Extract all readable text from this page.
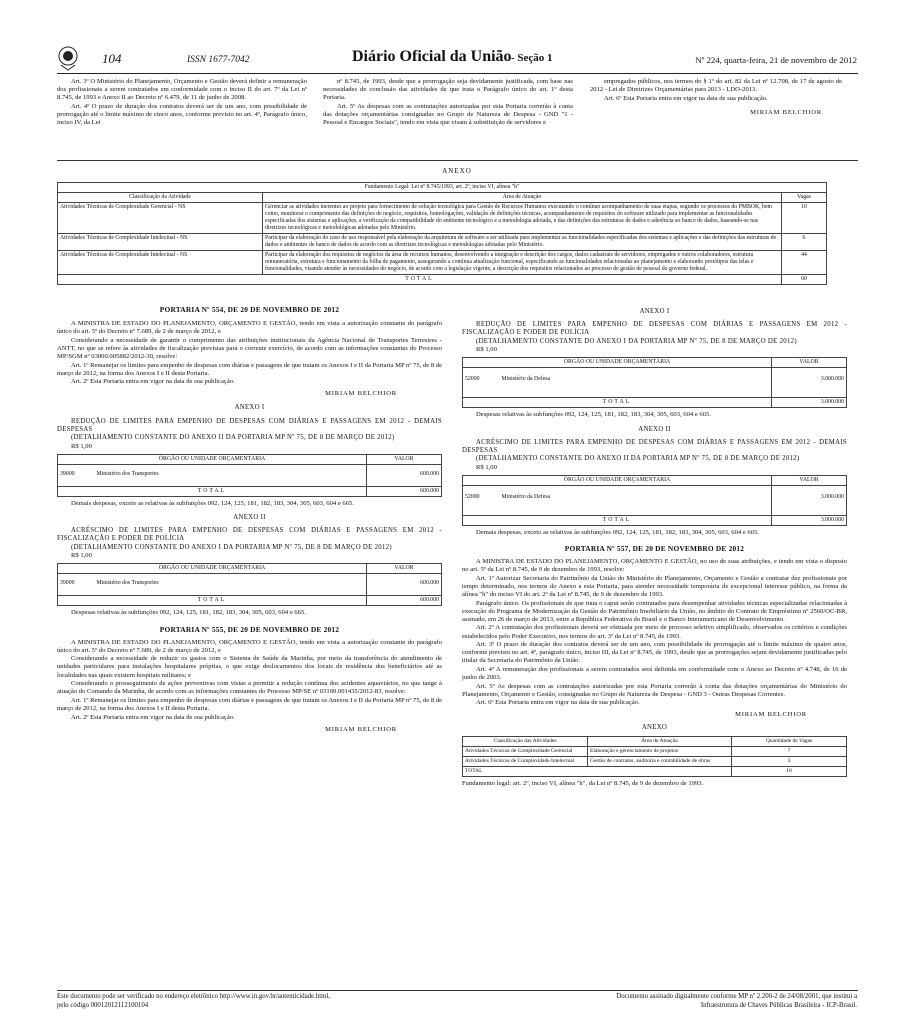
104	ISSN 1677-7042	Diário Oficial da União - Seção 1	Nº 224, quarta-feira, 21 de novembro de 2012

Art. 3º O Ministério do Planejamento, Orçamento e Gestão deverá definir a remuneração dos profissionais a serem contratados em conformidade com o inciso II do art. 7º da Lei nº 8.745, de 1993 e Anexo II ao Decreto nº 6.479, de 11 de junho de 2008.

Art. 4º O prazo de duração dos contratos deverá ser de um ano, com possibilidade de prorrogação até o limite máximo de cinco anos, conforme previsto no art. 4º, Parágrafo único, inciso IV, da Lei

nº 8.745, de 1993, desde que a prorrogação seja devidamente justificada, com base nas necessidades de conclusão das atividades de que trata o Parágrafo único do art. 1º desta Portaria.

Art. 5º As despesas com as contratações autorizadas por esta Portaria correrão à conta das dotações orçamentárias consignadas no Grupo de Natureza de Despesa - GND "1 - Pessoal e Encargos Sociais", tendo em vista que visam à substituição de servidores e

empregados públicos, nos termos do § 1º do art. 82 da Lei nº 12.708, de 17 de agosto de 2012 - Lei de Diretrizes Orçamentárias para 2013 - LDO-2013.

Art. 6º Esta Portaria entra em vigor na data de sua publicação.

MIRIAM BELCHIOR

ANEXO
Fundamento Legal: Lei nº 8.745/1993, art. 2º, inciso VI, alínea "h"		
Classificação da Atividade	Área de Atuação	Vagas
Atividades Técnicas de Complexidade Gerencial - NS	Gerenciar as atividades inerentes ao projeto para fornecimento de solução tecnológica para Gestão de Recursos Humanos executando o contínuo acompanhamento de suas etapas, segundo os processos do PMBOK, bem como, monitorar o cumprimento das definições de negócio, requisitos, homologações, validação de definições técnicas, acompanhamento de requisitos do software utilizado para implementar as funcionalidades especificadas dos sistemas e aplicações, a verificação da compatibilidade do ambiente tecnológico e a metodologia adotada, e das definições das estruturas de dados e aderência ao banco de dados, baseando-se nas diretrizes tecnológicas e metodológicas adotadas pelo Ministério.	10
Atividades Técnicas de Complexidade Intelectual - NS	Participar da elaboração do caso de uso responsável pela elaboração da arquitetura de software a ser utilizada para implementar as funcionalidades especificadas dos sistemas e aplicações e das definições das estruturas de dados e ambientes de banco de dados de acordo com as diretrizes tecnológicas e metodologias adotadas pelo Ministério.	6
Atividades Técnicas de Complexidade Intelectual - NS	Participar da elaboração dos requisitos de negócios da área de recursos humanos, desenvolvendo a integração e descrição dos cargos, dados cadastrais de servidores, empregados e outros colaboradores, estrutura remuneratória, estrutura e funcionamento da folha de pagamento, assegurando a contínua atualização funcional, especificando as funcionalidades relacionadas ao planejamento e elaborando protótipos das telas e funcionalidades, visando atender às necessidades do negócio, de acordo com a legislação vigente, a descrição dos requisitos relacionados ao processo de gestão de pessoal do governo federal.	44
TOTAL		60

PORTARIA Nº 554, DE 20 DE NOVEMBRO DE 2012

A MINISTRA DE ESTADO DO PLANEJAMENTO, ORÇAMENTO E GESTÃO, tendo em vista a autorização constante do parágrafo único do art. 5º do Decreto nº 7.689, de 2 de março de 2012, e

Considerando a necessidade de garantir o cumprimento das atribuições institucionais da Agência Nacional de Transportes Terrestres - ANTT, no que se refere às atividades de fiscalização previstas para o corrente exercício, de acordo com as informações constantes do Processo MP/SGM nº 03000.005882/2012-30, resolve:

Art. 1º Remanejar os limites para empenho de despesas com diárias e passagens de que tratam os Anexos I e II da Portaria MP nº 75, de 8 de março de 2012, na forma dos Anexos I e II desta Portaria.

Art. 2º Esta Portaria entra em vigor na data de sua publicação.

MIRIAM BELCHIOR

ANEXO I

REDUÇÃO DE LIMITES PARA EMPENHO DE DESPESAS COM DIÁRIAS E PASSAGENS EM 2012 - DEMAIS DESPESAS

(DETALHAMENTO CONSTANTE DO ANEXO II DA PORTARIA MP Nº 75, DE 8 DE MARÇO DE 2012)

R$ 1,00

ÓRGÃO OU UNIDADE ORÇAMENTÁRIA	VALOR
39000 Ministério dos Transportes	600.000
TOTAL	600.000

Demais despesas, exceto as relativas às subfunções 092, 124, 125, 181, 182, 183, 304, 305, 603, 604 e 665.

ANEXO II

ACRÉSCIMO DE LIMITES PARA EMPENHO DE DESPESAS COM DIÁRIAS E PASSAGENS EM 2012 - FISCALIZAÇÃO E PODER DE POLÍCIA

(DETALHAMENTO CONSTANTE DO ANEXO I DA PORTARIA MP Nº 75, DE 8 DE MARÇO DE 2012)

R$ 1,00

ÓRGÃO OU UNIDADE ORÇAMENTÁRIA	VALOR
39000 Ministério dos Transportes	600.000
TOTAL	600.000

Despesas relativas às subfunções 092, 124, 125, 181, 182, 183, 304, 305, 603, 604 e 665.

PORTARIA Nº 555, DE 20 DE NOVEMBRO DE 2012

A MINISTRA DE ESTADO DO PLANEJAMENTO, ORÇAMENTO E GESTÃO, tendo em vista a autorização constante do parágrafo único do art. 5º do Decreto nº 7.689, de 2 de março de 2012, e

Considerando a necessidade de reduzir os gastos com o Sistema de Saúde da Marinha, por meio da transferência do atendimento de unidades particulares para instalações hospitalares próprias, o que exige deslocamentos dos locais de residência dos beneficiários até as localidades nas quais existem hospitais militares; e

Considerando o prosseguimento de ações preventivas com vistas a permitir a redução contínua dos acidentes aquaviários, no que tange à atuação do Comando da Marinha, de acordo com as informações constantes do Processo MP/SE nº 03100.001435/2012-83, resolve:

Art. 1º Remanejar os limites para empenho de despesas com diárias e passagens de que tratam os Anexos I e II da Portaria MP nº 75, de 8 de março de 2012, na forma dos Anexos I e II desta Portaria.

Art. 2º Esta Portaria entra em vigor na data de sua publicação.

MIRIAM BELCHIOR

ANEXO I

REDUÇÃO DE LIMITES PARA EMPENHO DE DESPESAS COM DIÁRIAS E PASSAGENS EM 2012 - FISCALIZAÇÃO E PODER DE POLÍCIA

(DETALHAMENTO CONSTANTE DO ANEXO I DA PORTARIA MP Nº 75, DE 8 DE MARÇO DE 2012)

R$ 1,00

ÓRGÃO OU UNIDADE ORÇAMENTÁRIA	VALOR
52000 Ministério da Defesa	3.000.000
TOTAL	3.000.000

Despesas relativas às subfunções 092, 124, 125, 181, 182, 183, 304, 305, 603, 604 e 665.

ANEXO II

ACRÉSCIMO DE LIMITES PARA EMPENHO DE DESPESAS COM DIÁRIAS E PASSAGENS EM 2012 - DEMAIS DESPESAS

(DETALHAMENTO CONSTANTE DO ANEXO II DA PORTARIA MP Nº 75, DE 8 DE MARÇO DE 2012)

R$ 1,00

ÓRGÃO OU UNIDADE ORÇAMENTÁRIA	VALOR
52000 Ministério da Defesa	3.000.000
TOTAL	3.000.000

Demais despesas, exceto as relativas às subfunções 092, 124, 125, 181, 182, 183, 304, 305, 603, 604 e 665.

PORTARIA Nº 557, DE 20 DE NOVEMBRO DE 2012

A MINISTRA DE ESTADO DO PLANEJAMENTO, ORÇAMENTO E GESTÃO, no uso de suas atribuições, e tendo em vista o disposto no art. 5º da Lei nº 8.745, de 9 de dezembro de 1993, resolve:

Art. 1º Autorizar Secretaria do Patrimônio da União do Ministério do Planejamento, Orçamento e Gestão a contratar dez profissionais por tempo determinado, nos termos do Anexo a esta Portaria, para atender necessidade temporária de excepcional interesse público, na forma da alínea "h" do inciso VI do art. 2º da Lei nº 8.745, de 9 de dezembro de 1993.

Parágrafo único. Os profissionais de que trata o caput serão contratados para desempenhar atividades técnicas especializadas relacionadas à execução do Programa de Modernização da Gestão do Patrimônio Imobiliário da União, no âmbito do Contrato de Empréstimo nº 2560/OC-BR, assinado, em 26 de março de 2013, entre a República Federativa do Brasil e o Banco Interamericano de Desenvolvimento.

Art. 2º A contratação dos profissionais deverá ser efetuada por meio de processo seletivo simplificado, observados os critérios e condições estabelecidos pelo Poder Executivo, nos termos do art. 3º da Lei nº 8.745, de 1993.

Art. 3º O prazo de duração dos contratos deverá ser de um ano, com possibilidade de prorrogação até o limite máximo de quatro anos, conforme previsto no art. 4º, parágrafo único, inciso III, da Lei nº 8.745, de 1993, desde que as prorrogações sejam devidamente justificadas pelo titular da Secretaria do Patrimônio da União.

Art. 4º A remuneração dos profissionais a serem contratados será definida em conformidade com o Anexo ao Decreto nº 4.748, de 16 de junho de 2003.

Art. 5º As despesas com as contratações autorizadas por esta Portaria correrão à conta das dotações orçamentárias do Ministério do Planejamento, Orçamento e Gestão, consignadas no Grupo de Natureza de Despesa - GND 3 - Outras Despesas Correntes.

Art. 6º Esta Portaria entra em vigor na data de sua publicação.

MIRIAM BELCHIOR

ANEXO

Classificação das Atividades	Área de Atuação	Quantidade de Vagas
Atividades Técnicas de Complexidade Gerencial	Elaboração e gerenciamento de projetos	7
Atividades Técnicas de Complexidade Intelectual	Gestão de contratos, auditoria e contabilidade de obras	3
TOTAL		10

Fundamento legal: art. 2º, inciso VI, alínea "h", da Lei nº 8.745, de 9 de dezembro de 1993.

Este documento pode ser verificado no endereço eletrônico http://www.in.gov.br/autenticidade.html,
pelo código 00012012112100104
Documento assinado digitalmente conforme MP nº 2.200-2 de 24/08/2001, que institui a
Infraestrutura de Chaves Públicas Brasileira - ICP-Brasil.
